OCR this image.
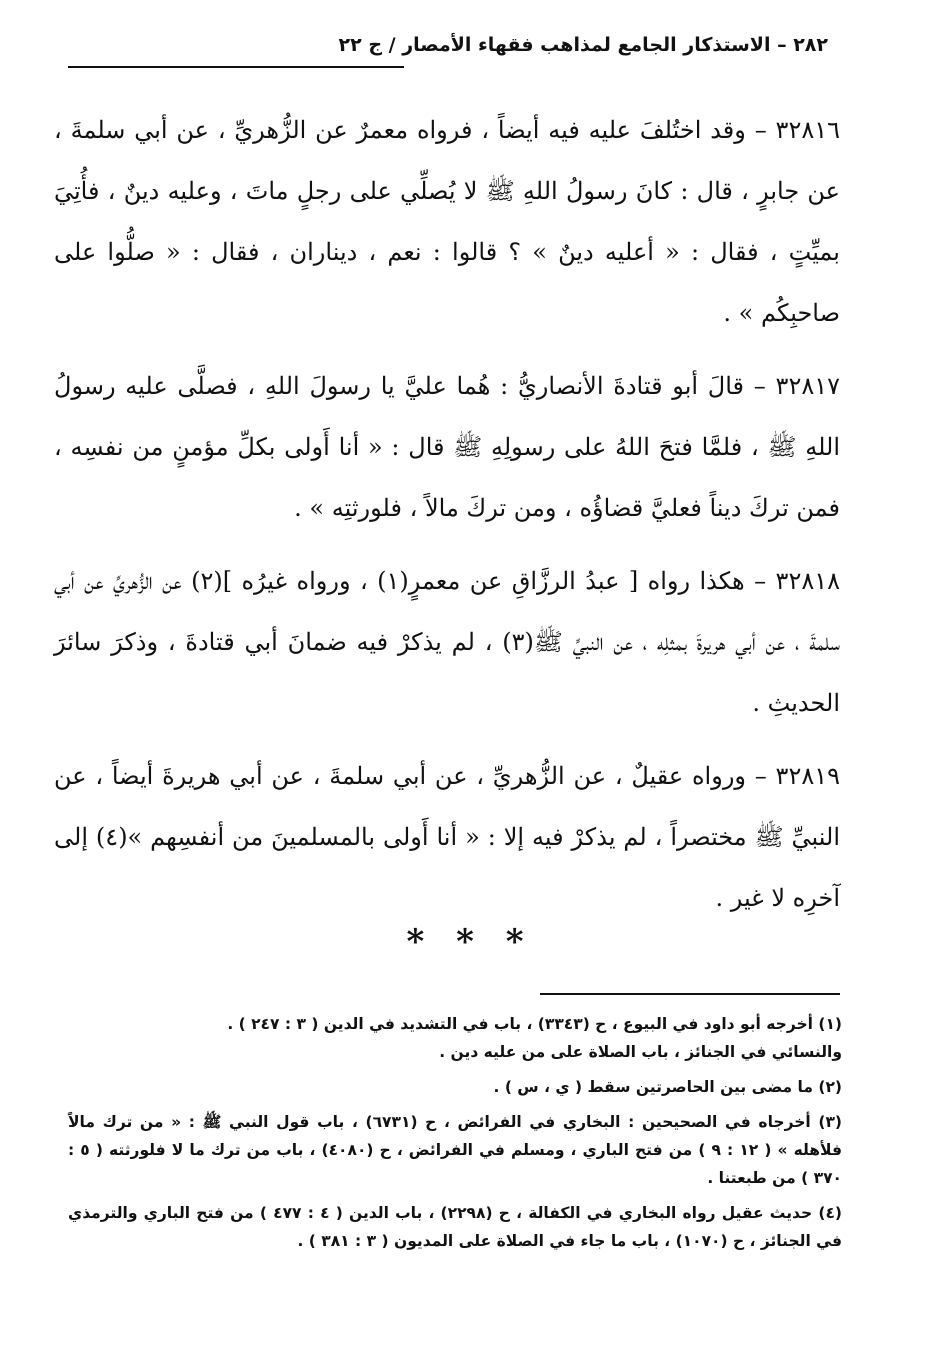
٢٨٢ – الاستذكار الجامع لمذاهب فقهاء الأمصار / ج ٢٢

٣٢٨١٦ – وقد اختُلفَ عليه فيه أيضاً ، فرواه معمرٌ عن الزُّهريِّ ، عن أبي سلمةَ ، عن جابرٍ ، قال : كانَ رسولُ اللهِ ﷺ لا يُصلِّي على رجلٍ ماتَ ، وعليه دينٌ ، فأُتِيَ بميِّتٍ ، فقال : « أعليه دينٌ » ؟ قالوا : نعم ، ديناران ، فقال : « صلُّوا على صاحبِكُم » .

٣٢٨١٧ – قالَ أبو قتادةَ الأنصاريُّ : هُما عليَّ يا رسولَ اللهِ ، فصلَّى عليه رسولُ اللهِ ﷺ ، فلمَّا فتحَ اللهُ على رسولِهِ ﷺ قال : « أنا أَولى بكلِّ مؤمنٍ من نفسِه ، فمن تركَ ديناً فعليَّ قضاؤُه ، ومن تركَ مالاً ، فلورثتِه » .

٣٢٨١٨ – هكذا رواه [ عبدُ الرزَّاقِ عن معمرٍ(١) ، ورواه غيرُه ](٢) عن الزُّهريِّ عن أبي سلمةَ ، عن أبي هريرةَ بمثلِه ، عن النبيِّ ﷺ(٣) ، لم يذكرْ فيه ضمانَ أبي قتادةَ ، وذكرَ سائرَ الحديثِ .

٣٢٨١٩ – ورواه عقيلٌ ، عن الزُّهريِّ ، عن أبي سلمةَ ، عن أبي هريرةَ أيضاً ، عن النبيِّ ﷺ مختصراً ، لم يذكرْ فيه إلا : « أنا أَولى بالمسلمينَ من أنفسِهم »(٤) إلى آخرِه لا غير .

* * *

(١) أخرجه أبو داود في البيوع ، ح (٣٣٤٣) ، باب في التشديد في الدين ( ٣ : ٢٤٧ ) .
والنسائي في الجنائز ، باب الصلاة على من عليه دين .

(٢) ما مضى بين الحاصرتين سقط ( ي ، س ) .

(٣) أخرجاه في الصحيحين : البخاري في الفرائض ، ح (٦٧٣١) ، باب قول النبي ﷺ : « من ترك مالاً فلأهله » ( ١٢ : ٩ ) من فتح الباري ، ومسلم في الفرائض ، ح (٤٠٨٠) ، باب من ترك ما لا فلورثته ( ٥ : ٣٧٠ ) من طبعتنا .

(٤) حديث عقيل رواه البخاري في الكفالة ، ح (٢٢٩٨) ، باب الدين ( ٤ : ٤٧٧ ) من فتح الباري والترمذي في الجنائز ، ح (١٠٧٠) ، باب ما جاء في الصلاة على المديون ( ٣ : ٣٨١ ) .
